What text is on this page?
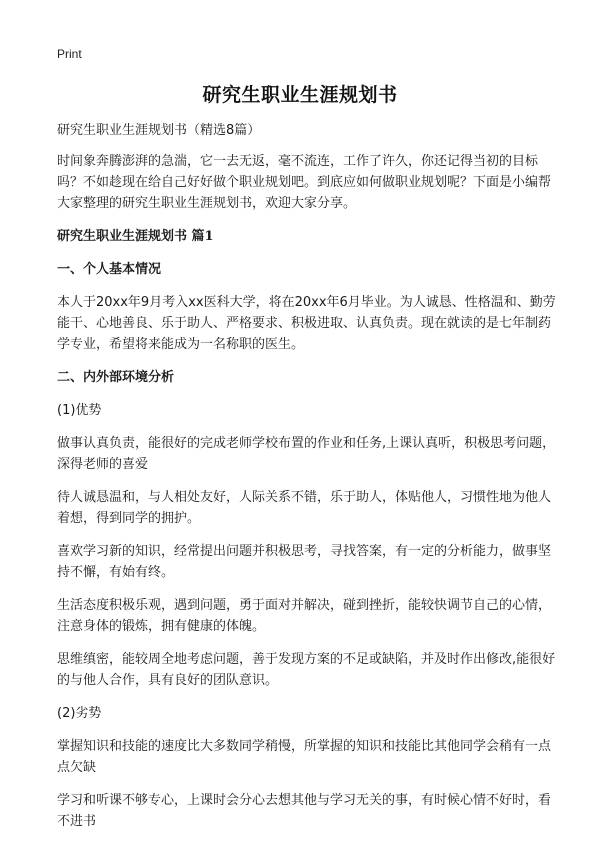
Print
研究生职业生涯规划书

研究生职业生涯规划书（精选8篇）

时间象奔腾澎湃的急湍，它一去无返，毫不流连，工作了许久，你还记得当初的目标吗？不如趁现在给自己好好做个职业规划吧。到底应如何做职业规划呢？下面是小编帮大家整理的研究生职业生涯规划书，欢迎大家分享。

研究生职业生涯规划书 篇1
一、个人基本情况

本人于20xx年9月考入xx医科大学，将在20xx年6月毕业。为人诚恳、性格温和、勤劳能干、心地善良、乐于助人、严格要求、积极进取、认真负责。现在就读的是七年制药学专业，希望将来能成为一名称职的医生。

二、内外部环境分析

(1)优势

做事认真负责，能很好的完成老师学校布置的作业和任务,上课认真听，积极思考问题，深得老师的喜爱

待人诚恳温和，与人相处友好，人际关系不错，乐于助人，体贴他人，习惯性地为他人着想，得到同学的拥护。

喜欢学习新的知识，经常提出问题并积极思考，寻找答案，有一定的分析能力，做事坚持不懈，有始有终。

生活态度积极乐观，遇到问题，勇于面对并解决，碰到挫折，能较快调节自己的心情，注意身体的锻炼，拥有健康的体魄。

思维缜密，能较周全地考虑问题，善于发现方案的不足或缺陷，并及时作出修改,能很好的与他人合作，具有良好的团队意识。

(2)劣势

掌握知识和技能的速度比大多数同学稍慢，所掌握的知识和技能比其他同学会稍有一点点欠缺

学习和听课不够专心，上课时会分心去想其他与学习无关的事，有时候心情不好时，看不进书
